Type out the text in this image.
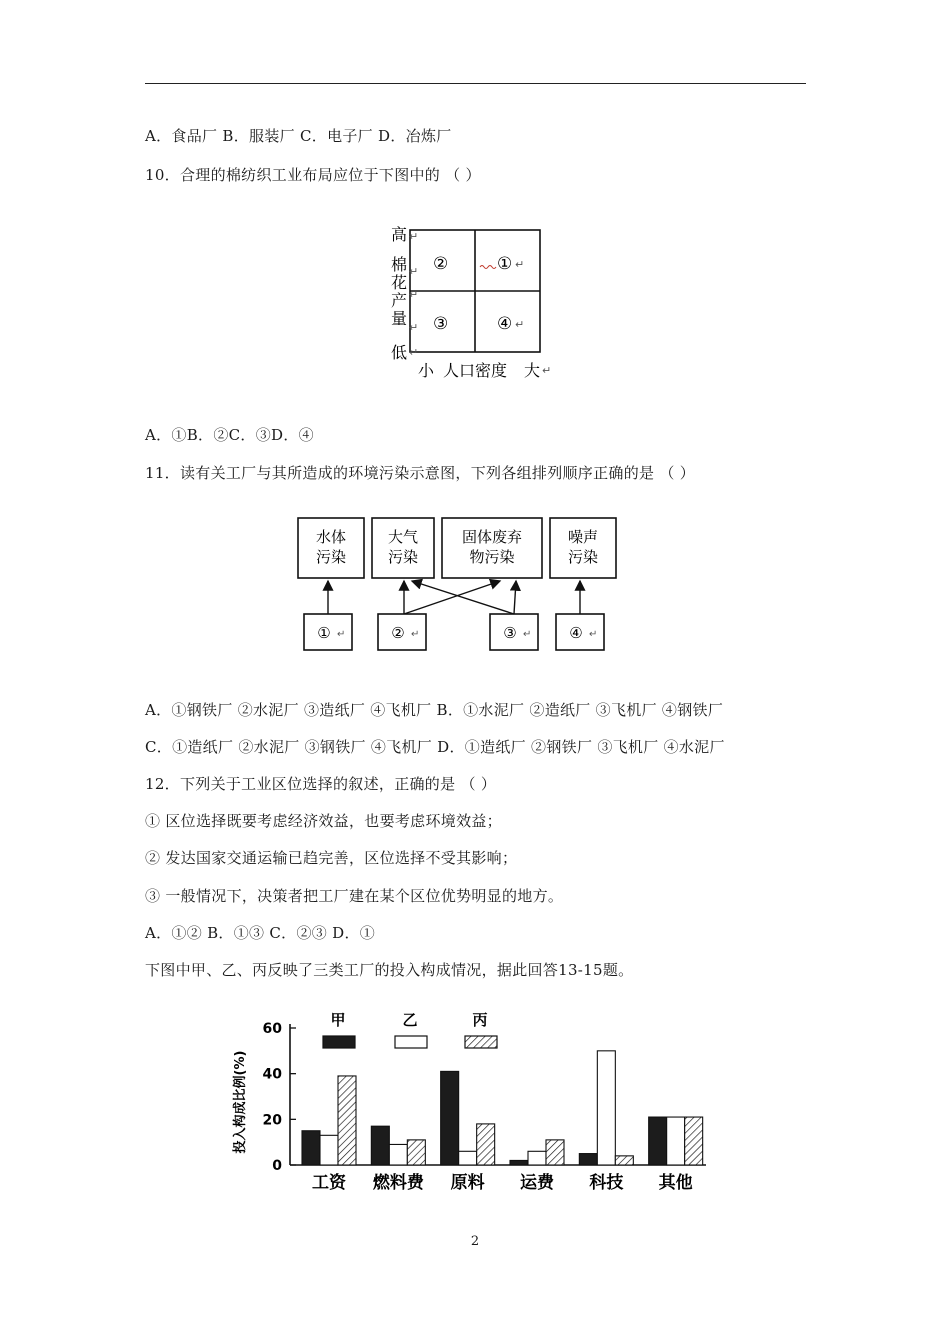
A．食品厂 B．服装厂 C．电子厂 D．冶炼厂
10．合理的棉纺织工业布局应位于下图中的 （ ）
高
棉
花
产
量
低
↵
↵
↵
↵
↵
②	① ↵
③	④ ↵
小 人口密度 大 ↵
A．①B．②C．③D．④
11．读有关工厂与其所造成的环境污染示意图，下列各组排列顺序正确的是 （ ）
水体
污染
大气
污染
固体废弃
物污染
噪声
污染
① ↵	② ↵	③ ↵	④ ↵
A．①钢铁厂 ②水泥厂 ③造纸厂 ④飞机厂 B．①水泥厂 ②造纸厂 ③飞机厂 ④钢铁厂
C．①造纸厂 ②水泥厂 ③钢铁厂 ④飞机厂 D．①造纸厂 ②钢铁厂 ③飞机厂 ④水泥厂
12．下列关于工业区位选择的叙述，正确的是 （ ）
① 区位选择既要考虑经济效益，也要考虑环境效益；
② 发达国家交通运输已趋完善，区位选择不受其影响；
③ 一般情况下，决策者把工厂建在某个区位优势明显的地方。
A．①② B．①③ C．②③ D．①
下图中甲、乙、丙反映了三类工厂的投入构成情况，据此回答13-15题。
投入构成比例(%)
0
20
40
60
工资 燃料费 原料 运费 科技 其他
甲	乙	丙
2
